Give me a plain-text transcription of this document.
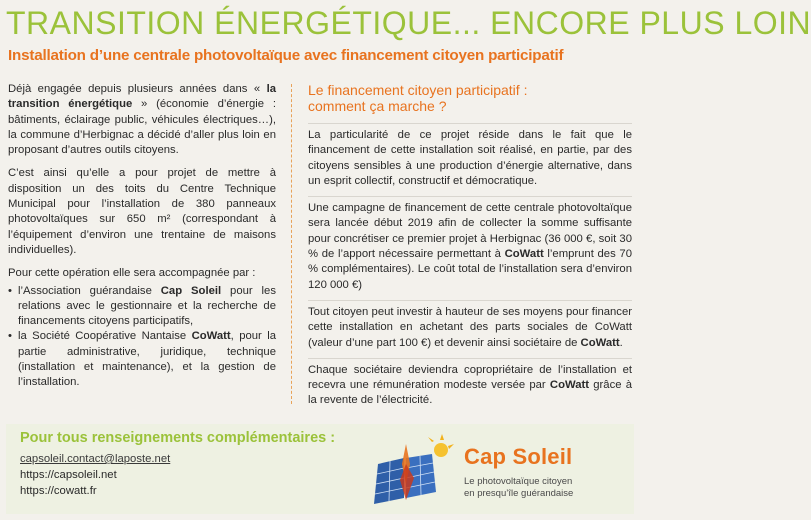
TRANSITION ÉNERGÉTIQUE... ENCORE PLUS LOIN
Installation d’une centrale photovoltaïque avec financement citoyen participatif

Déjà engagée depuis plusieurs années dans « la transition énergétique » (économie d’énergie : bâtiments, éclairage public, véhicules électriques…), la commune d’Herbignac a décidé d’aller plus loin en proposant d’autres outils citoyens.

C’est ainsi qu’elle a pour projet de mettre à disposition un des toits du Centre Technique Municipal pour l’installation de 380 panneaux photovoltaïques sur 650 m² (correspondant à l’équipement d’environ une trentaine de maisons individuelles).

Pour cette opération elle sera accompagnée par :

• l’Association guérandaise Cap Soleil pour les relations avec le gestionnaire et la recherche de financements citoyens participatifs,
• la Société Coopérative Nantaise CoWatt, pour la partie administrative, juridique, technique (installation et maintenance), et la gestion de l’installation.
Le financement citoyen participatif :
comment ça marche ?

La particularité de ce projet réside dans le fait que le financement de cette installation soit réalisé, en partie, par des citoyens sensibles à une production d’énergie alternative, dans un esprit collectif, constructif et démocratique.

Une campagne de financement de cette centrale photovoltaïque sera lancée début 2019 afin de collecter la somme suffisante pour concrétiser ce premier projet à Herbignac (36 000 €, soit 30 % de l’apport nécessaire permettant à CoWatt l’emprunt des 70 % complémentaires). Le coût total de l’installation sera d’environ 120 000 €)

Tout citoyen peut investir à hauteur de ses moyens pour financer cette installation en achetant des parts sociales de CoWatt (valeur d’une part 100 €) et devenir ainsi sociétaire de CoWatt.

Chaque sociétaire deviendra copropriétaire de l’installation et recevra une rémunération modeste versée par CoWatt grâce à la revente de l’électricité.

Pour tous renseignements complémentaires :
capsoleil.contact@laposte.net
https://capsoleil.net
https://cowatt.fr
Cap Soleil
Le photovoltaïque citoyen
en presqu’île guérandaise
